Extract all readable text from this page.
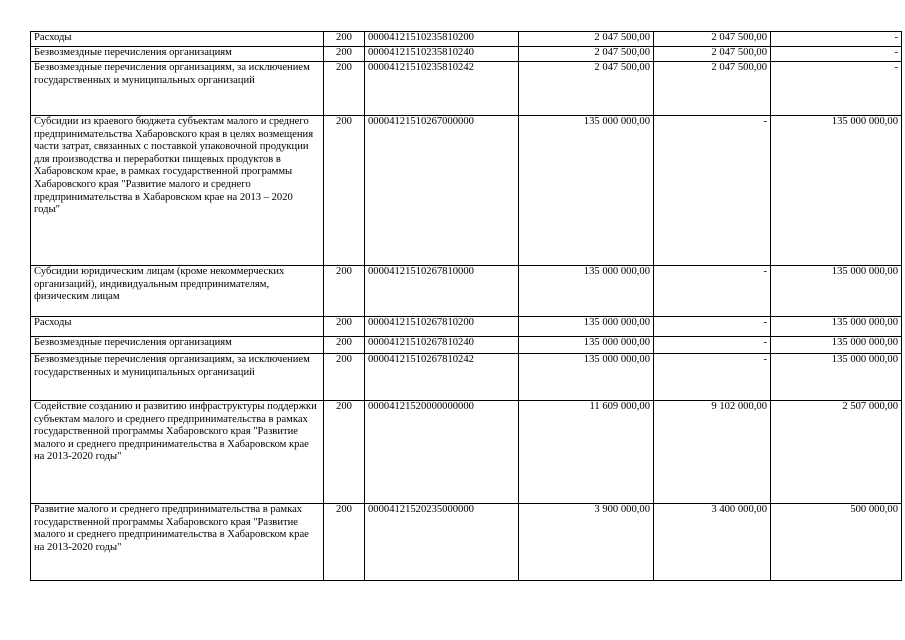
Расходы	200	00004121510235810200	2 047 500,00	2 047 500,00	-
Безвозмездные перечисления организациям	200	00004121510235810240	2 047 500,00	2 047 500,00	-
Безвозмездные перечисления организациям, за исключением государственных и муниципальных организаций	200	00004121510235810242	2 047 500,00	2 047 500,00	-
Субсидии из краевого бюджета субъектам малого и среднего предпринимательства Хабаровского края в целях возмещения части затрат, связанных с поставкой упаковочной продукции для производства и переработки пищевых продуктов в Хабаровском крае, в рамках государственной программы Хабаровского края "Развитие малого и среднего предпринимательства в Хабаровском крае на 2013 – 2020 годы"	200	00004121510267000000	135 000 000,00	-	135 000 000,00
Субсидии юридическим лицам (кроме некоммерческих организаций), индивидуальным предпринимателям, физическим лицам	200	00004121510267810000	135 000 000,00	-	135 000 000,00
Расходы	200	00004121510267810200	135 000 000,00	-	135 000 000,00
Безвозмездные перечисления организациям	200	00004121510267810240	135 000 000,00	-	135 000 000,00
Безвозмездные перечисления организациям, за исключением государственных и муниципальных организаций	200	00004121510267810242	135 000 000,00	-	135 000 000,00
Содействие созданию и развитию инфраструктуры поддержки субъектам малого и среднего предпринимательства в рамках государственной программы Хабаровского края "Развитие малого и среднего предпринимательства в Хабаровском крае на 2013-2020 годы"	200	00004121520000000000	11 609 000,00	9 102 000,00	2 507 000,00
Развитие малого и среднего предпринимательства в рамках государственной программы Хабаровского края "Развитие малого и среднего предпринимательства в Хабаровском крае на 2013-2020 годы"	200	00004121520235000000	3 900 000,00	3 400 000,00	500 000,00
